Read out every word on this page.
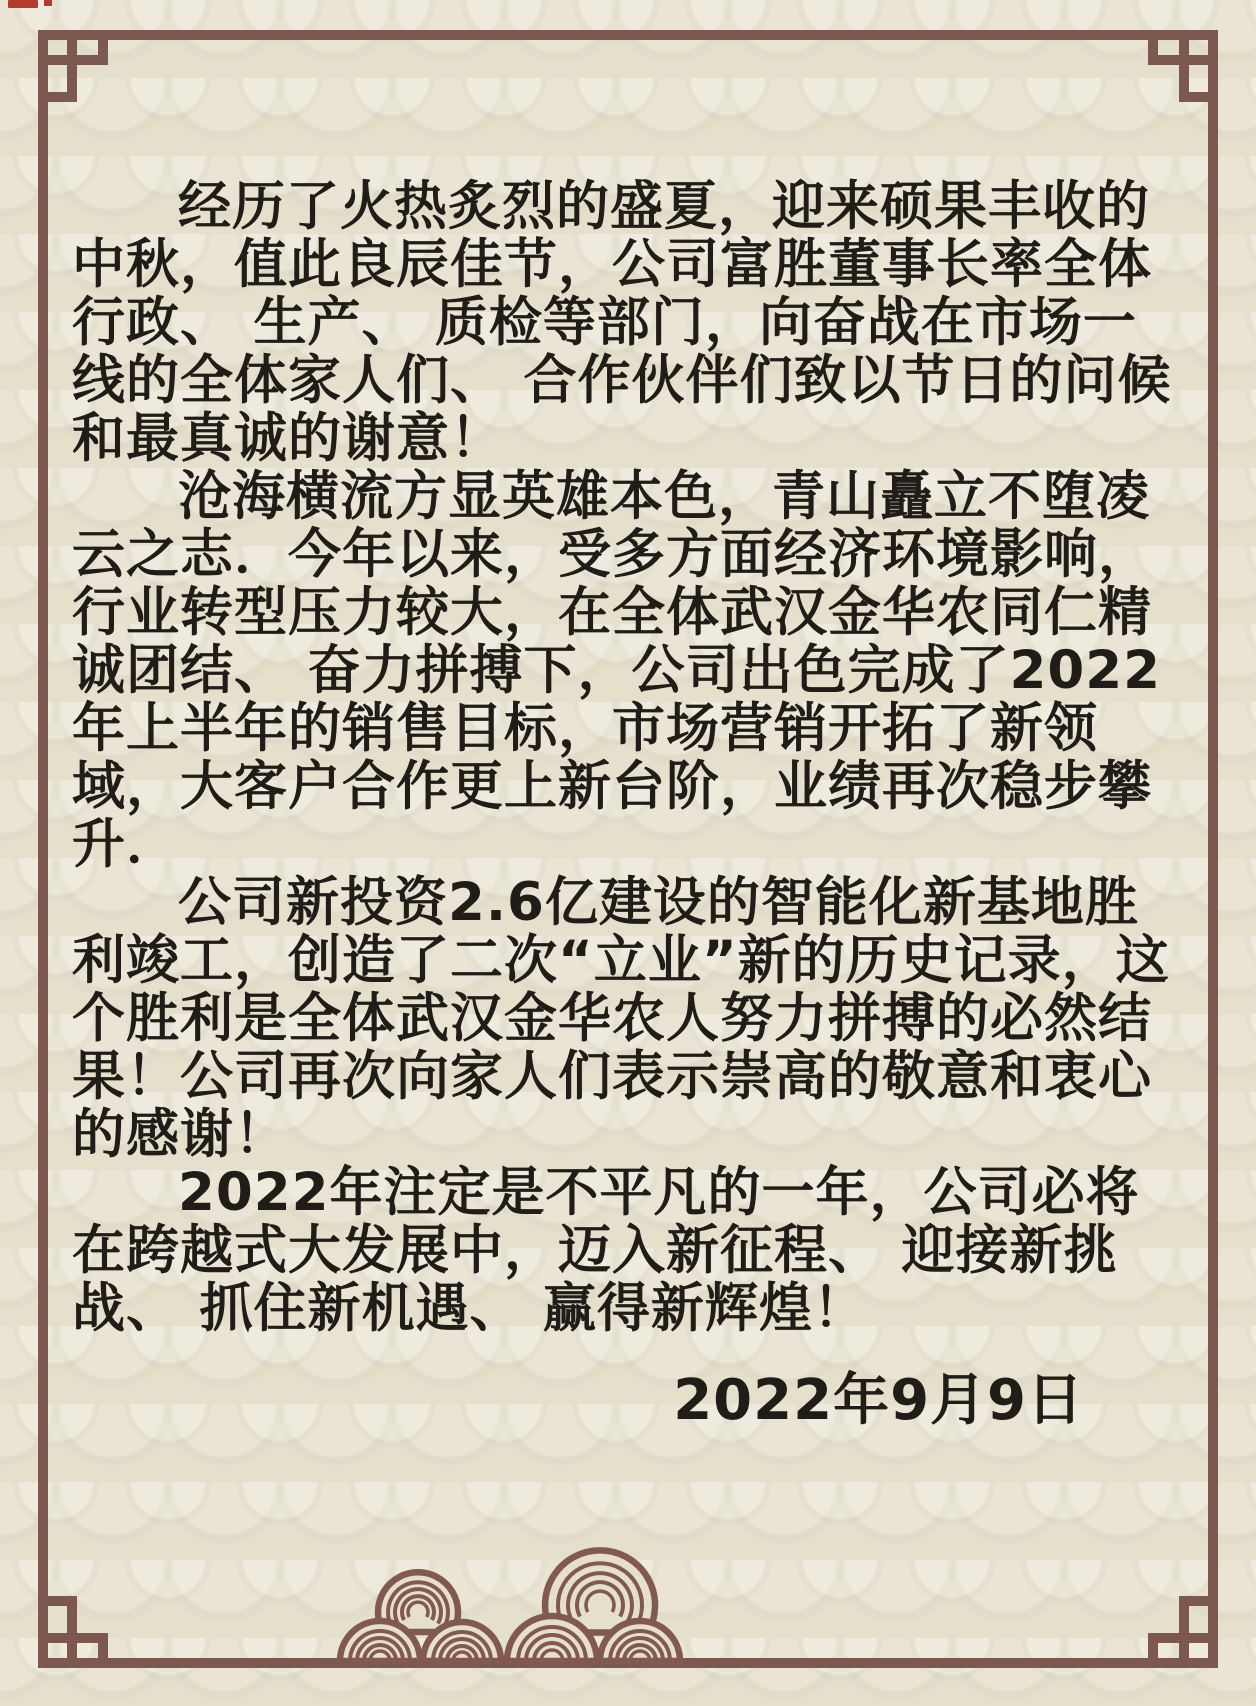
经历了火热炙烈的盛夏，迎来硕果丰收的中秋，值此良辰佳节，公司富胜董事长率全体行政、 生产、 质检等部门，向奋战在市场一线的全体家人们、 合作伙伴们致以节日的问候和最真诚的谢意！

沧海横流方显英雄本色，青山矗立不堕凌云之志．今年以来，受多方面经济环境影响，行业转型压力较大，在全体武汉金华农同仁精诚团结、 奋力拼搏下，公司出色完成了2022年上半年的销售目标，市场营销开拓了新领域，大客户合作更上新台阶，业绩再次稳步攀升．

公司新投资2.6亿建设的智能化新基地胜利竣工，创造了二次“立业”新的历史记录，这个胜利是全体武汉金华农人努力拼搏的必然结果！公司再次向家人们表示崇高的敬意和衷心的感谢！

2022年注定是不平凡的一年，公司必将在跨越式大发展中，迈入新征程、 迎接新挑战、 抓住新机遇、 赢得新辉煌！

2022年9月9日
